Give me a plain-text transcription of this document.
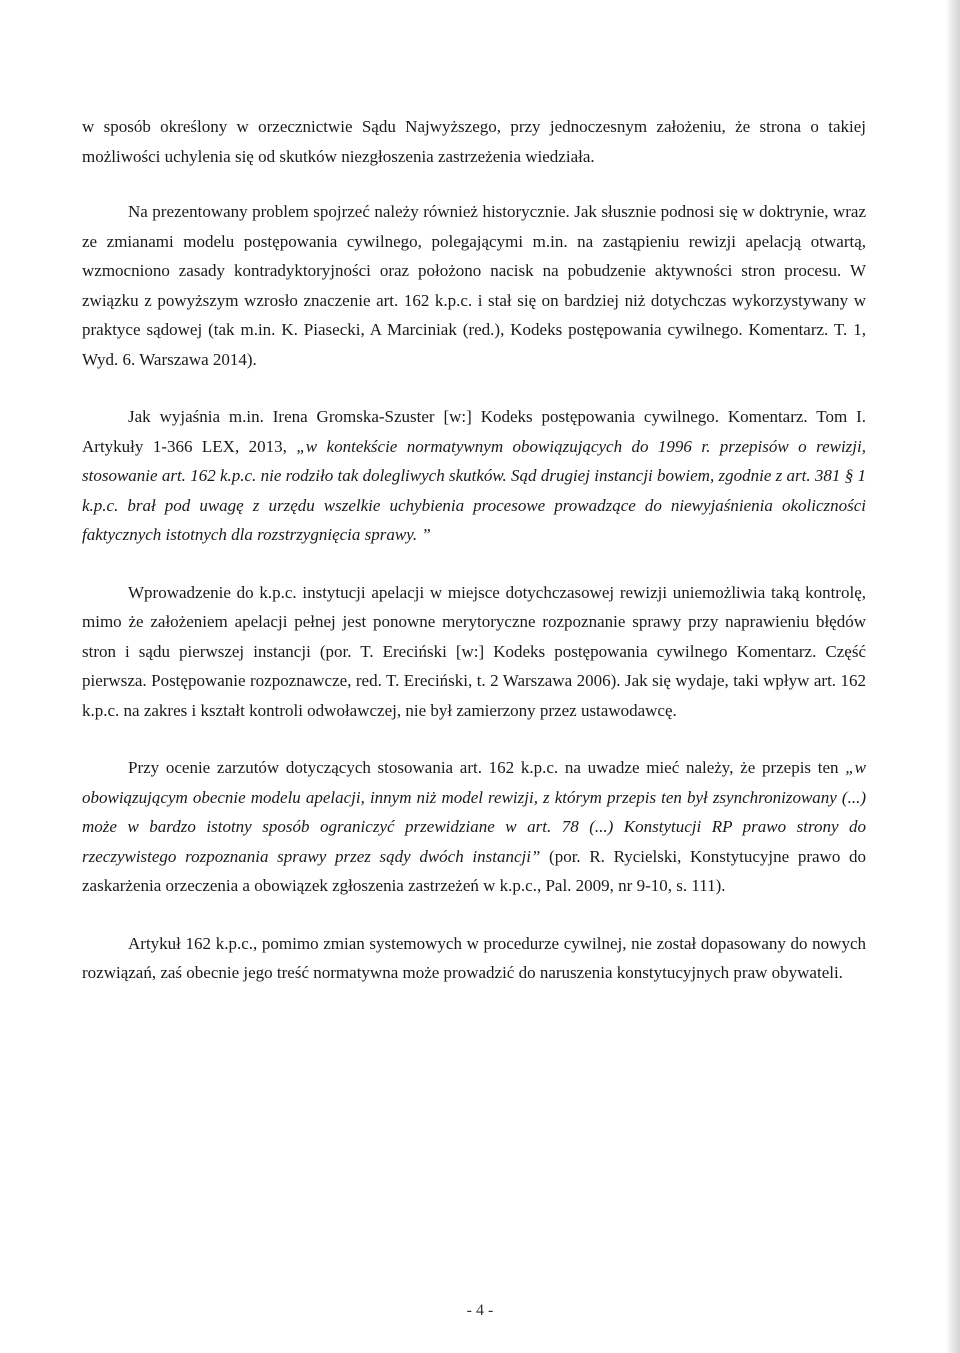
w sposób określony w orzecznictwie Sądu Najwyższego, przy jednoczesnym założeniu, że strona o takiej możliwości uchylenia się od skutków niezgłoszenia zastrzeżenia wiedziała.

Na prezentowany problem spojrzeć należy również historycznie. Jak słusznie podnosi się w doktrynie, wraz ze zmianami modelu postępowania cywilnego, polegającymi m.in. na zastąpieniu rewizji apelacją otwartą, wzmocniono zasady kontradyktoryjności oraz położono nacisk na pobudzenie aktywności stron procesu. W związku z powyższym wzrosło znaczenie art. 162 k.p.c. i stał się on bardziej niż dotychczas wykorzystywany w praktyce sądowej (tak m.in. K. Piasecki, A Marciniak (red.), Kodeks postępowania cywilnego. Komentarz. T. 1, Wyd. 6. Warszawa 2014).

Jak wyjaśnia m.in. Irena Gromska-Szuster [w:] Kodeks postępowania cywilnego. Komentarz. Tom I. Artykuły 1-366 LEX, 2013, „w kontekście normatywnym obowiązujących do 1996 r. przepisów o rewizji, stosowanie art. 162 k.p.c. nie rodziło tak dolegliwych skutków. Sąd drugiej instancji bowiem, zgodnie z art. 381 § 1 k.p.c. brał pod uwagę z urzędu wszelkie uchybienia procesowe prowadzące do niewyjaśnienia okoliczności faktycznych istotnych dla rozstrzygnięcia sprawy. ”

Wprowadzenie do k.p.c. instytucji apelacji w miejsce dotychczasowej rewizji uniemożliwia taką kontrolę, mimo że założeniem apelacji pełnej jest ponowne merytoryczne rozpoznanie sprawy przy naprawieniu błędów stron i sądu pierwszej instancji (por. T. Ereciński [w:] Kodeks postępowania cywilnego Komentarz. Część pierwsza. Postępowanie rozpoznawcze, red. T. Ereciński, t. 2 Warszawa 2006). Jak się wydaje, taki wpływ art. 162 k.p.c. na zakres i kształt kontroli odwoławczej, nie był zamierzony przez ustawodawcę.

Przy ocenie zarzutów dotyczących stosowania art. 162 k.p.c. na uwadze mieć należy, że przepis ten „w obowiązującym obecnie modelu apelacji, innym niż model rewizji, z którym przepis ten był zsynchronizowany (...) może w bardzo istotny sposób ograniczyć przewidziane w art. 78 (...) Konstytucji RP prawo strony do rzeczywistego rozpoznania sprawy przez sądy dwóch instancji” (por. R. Rycielski, Konstytucyjne prawo do zaskarżenia orzeczenia a obowiązek zgłoszenia zastrzeżeń w k.p.c., Pal. 2009, nr 9-10, s. 111).

Artykuł 162 k.p.c., pomimo zmian systemowych w procedurze cywilnej, nie został dopasowany do nowych rozwiązań, zaś obecnie jego treść normatywna może prowadzić do naruszenia konstytucyjnych praw obywateli.

- 4 -
